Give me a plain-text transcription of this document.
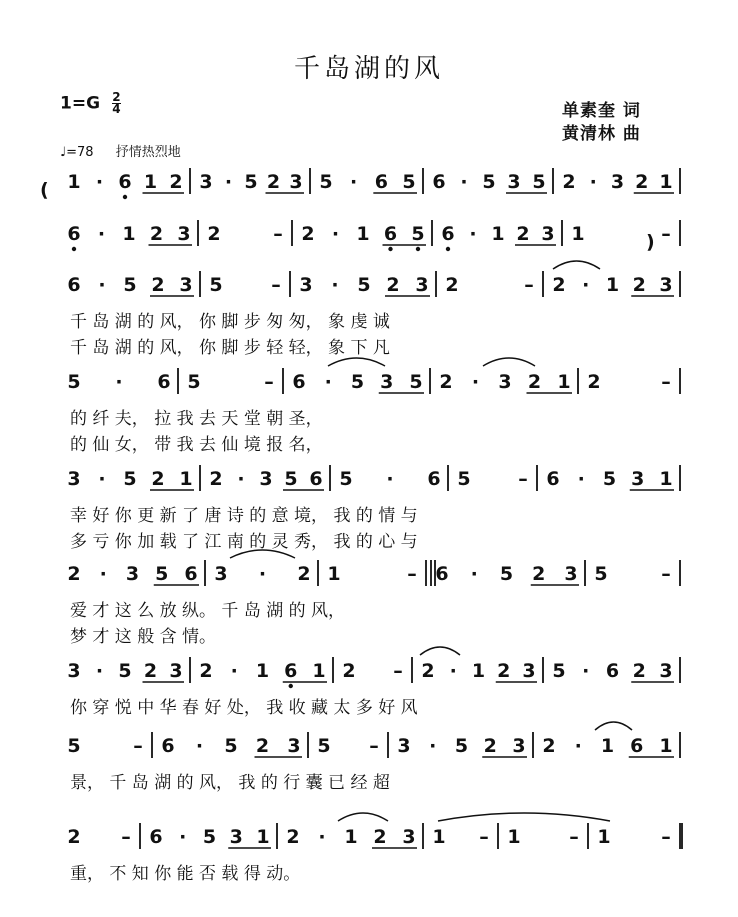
千岛湖的风
$1=G \frac{2}{4}$	单素奎 词
黄清林 曲
♩=78 抒情热烈地
1 · 6 1 2 3 · 5 2 3 5 · 6 5 6 · 5 3 5 2 · 3 2 1
6 · 1 2 3 2	– 2 · 1 6 5 6 · 1 2 3 1	–
6 · 5 2 3 5	– 3 · 5 2 3 2	– 2 · 1 2 3
千 岛 湖 的 风， 你 脚 步 匆 匆， 象 虔 诚
千 岛 湖 的 风， 你 脚 步 轻 轻， 象 下 凡
5 · 6 5	– 6 · 5 3 5 2 · 3 2 1 2	–
的 纤 夫， 拉 我 去 天 堂 朝 圣，
的 仙 女， 带 我 去 仙 境 报 名，
3 · 5 2 1 2 · 3 5 6 5 · 6 5	– 6 · 5 3 1
幸 好 你 更 新 了 唐 诗 的 意 境， 我 的 情 与
多 亏 你 加 载 了 江 南 的 灵 秀， 我 的 心 与
2 · 3 5 6 3 · 2 1	– 6 · 5 2 3 5	–
爱 才 这 么 放 纵。 千 岛 湖 的 风，
梦 才 这 般 含 情。
3 · 5 2 3 2 · 1 6 1 2 – 2 · 1 2 3 5 · 6 2 3
你 穿 悦 中 华 春 好 处， 我 收 藏 太 多 好 风
5	– 6 · 5 2 3 5 – 3 · 5 2 3 2 · 1 6 1
景， 千 岛 湖 的 风， 我 的 行 囊 已 经 超
2 – 6 · 5 3 1 2 · 1 2 3 1 – 1	– 1	–
重， 不 知 你 能 否 载 得 动。
(
)
